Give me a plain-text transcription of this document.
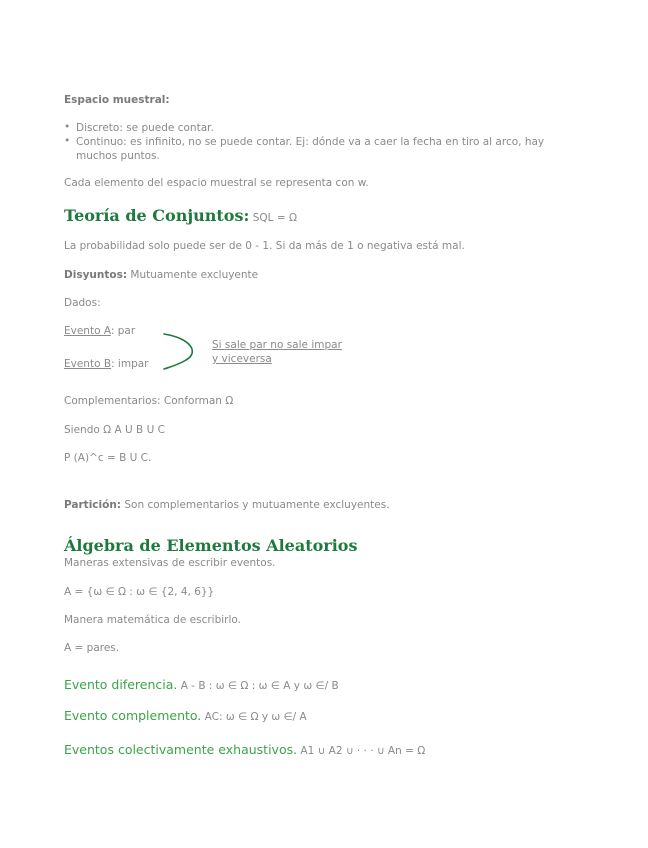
Espacio muestral:
• Discreto: se puede contar.
• Continuo: es infinito, no se puede contar. Ej: dónde va a caer la fecha en tiro al arco, hay muchos puntos.
Cada elemento del espacio muestral se representa con w.
Teoría de Conjuntos: SQL = Ω
La probabilidad solo puede ser de 0 - 1. Si da más de 1 o negativa está mal.
Disyuntos: Mutuamente excluyente
Dados:
Evento A: par
Evento B: impar
Si sale par no sale impar
y viceversa
Complementarios: Conforman Ω
Siendo Ω A U B U C
P (A)^c = B U C.
Partición: Son complementarios y mutuamente excluyentes.
Álgebra de Elementos Aleatorios
Maneras extensivas de escribir eventos.
A = {ω ∈ Ω : ω ∈ {2, 4, 6}}
Manera matemática de escribirlo.
A = pares.
Evento diferencia. A - B : ω ∈ Ω : ω ∈ A y ω ∈/ B
Evento complemento. AC: ω ∈ Ω y ω ∈/ A
Eventos colectivamente exhaustivos. A1 ∪ A2 ∪ · · · ∪ An = Ω
